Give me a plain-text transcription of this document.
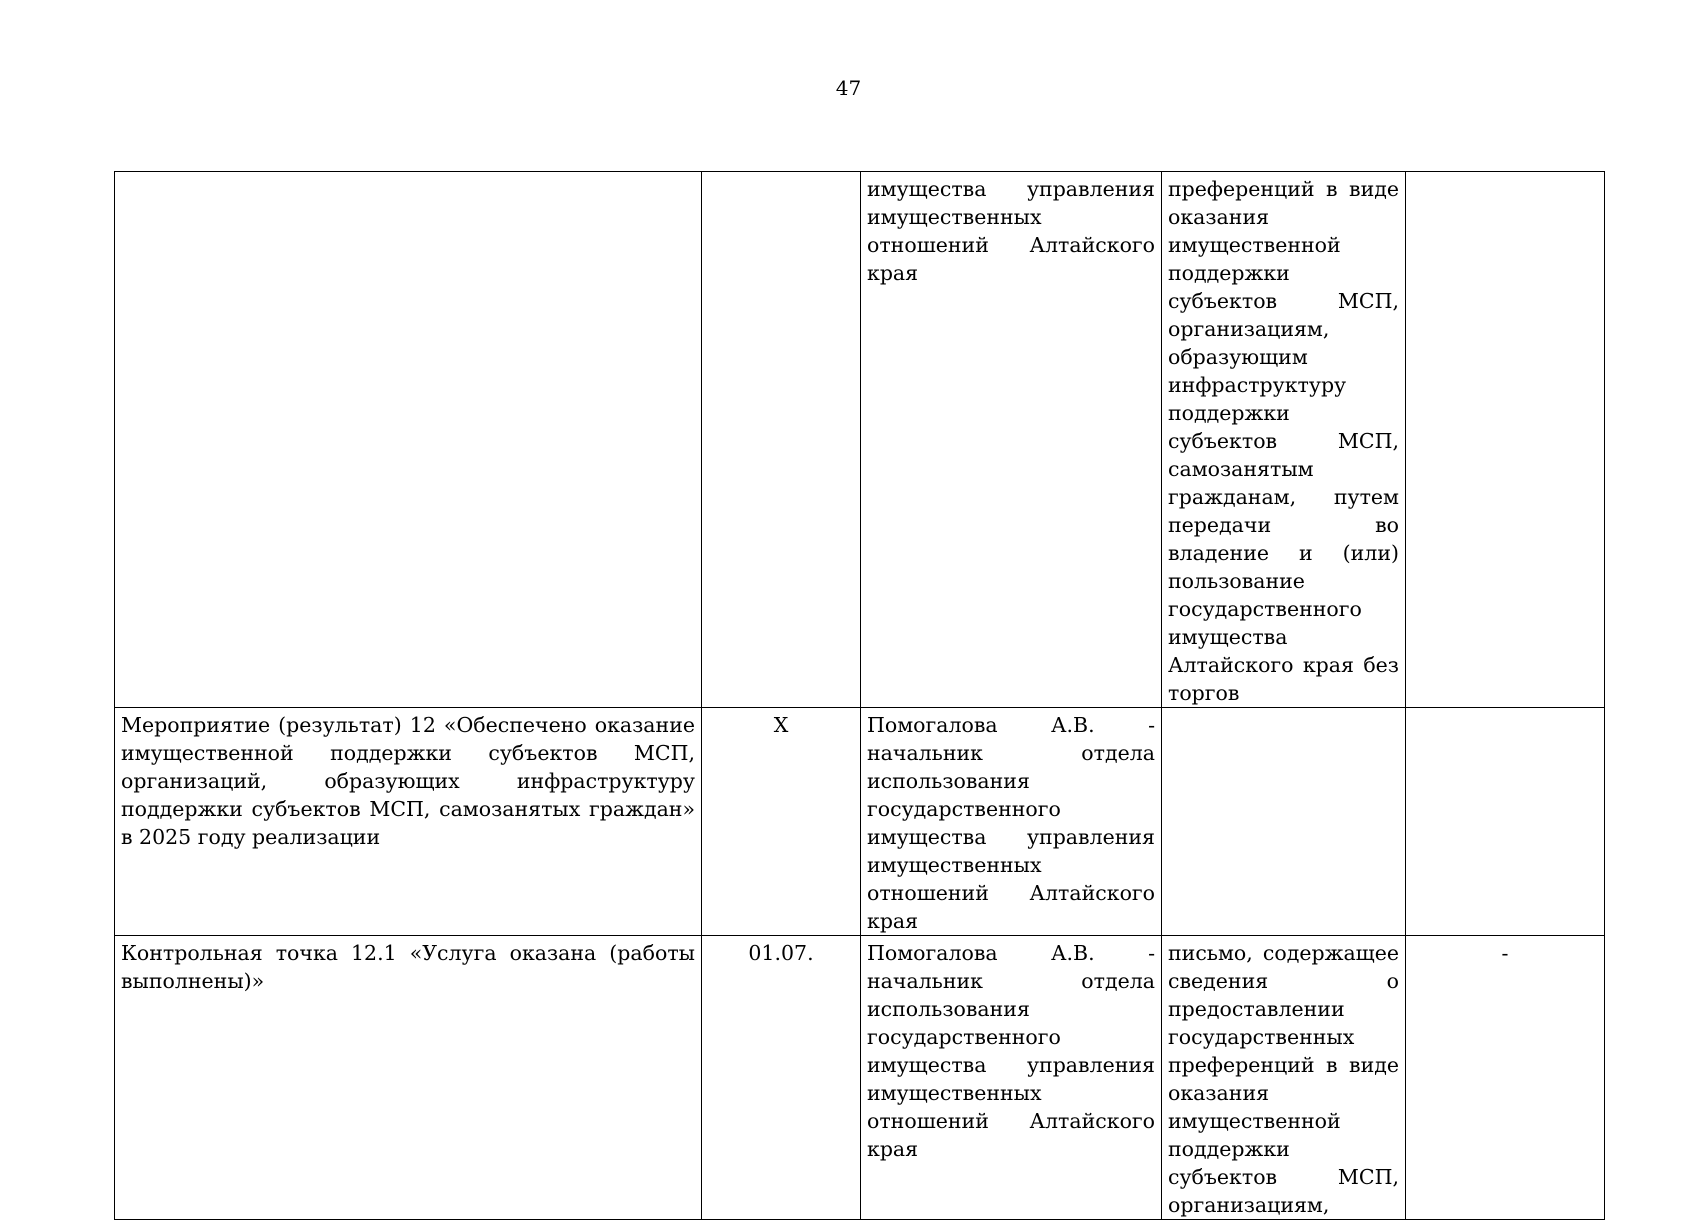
47
		имущества управления имущественных отношений Алтайского края	преференций в виде оказания имущественной поддержки субъектов МСП, организациям, образующим инфраструктуру поддержки субъектов МСП, самозанятым гражданам, путем передачи во владение и (или) пользование государственного имущества Алтайского края без торгов	
Мероприятие (результат) 12 «Обеспечено оказание имущественной поддержки субъектов МСП, организаций, образующих инфраструктуру поддержки субъектов МСП, самозанятых граждан» в 2025 году реализации	X	Помогалова А.В. - начальник отдела использования государственного имущества управления имущественных отношений Алтайского края		
Контрольная точка 12.1 «Услуга оказана (работы выполнены)»	01.07.	Помогалова А.В. - начальник отдела использования государственного имущества управления имущественных отношений Алтайского края	письмо, содержащее сведения о предоставлении государственных преференций в виде оказания имущественной поддержки субъектов МСП, организациям,	-
